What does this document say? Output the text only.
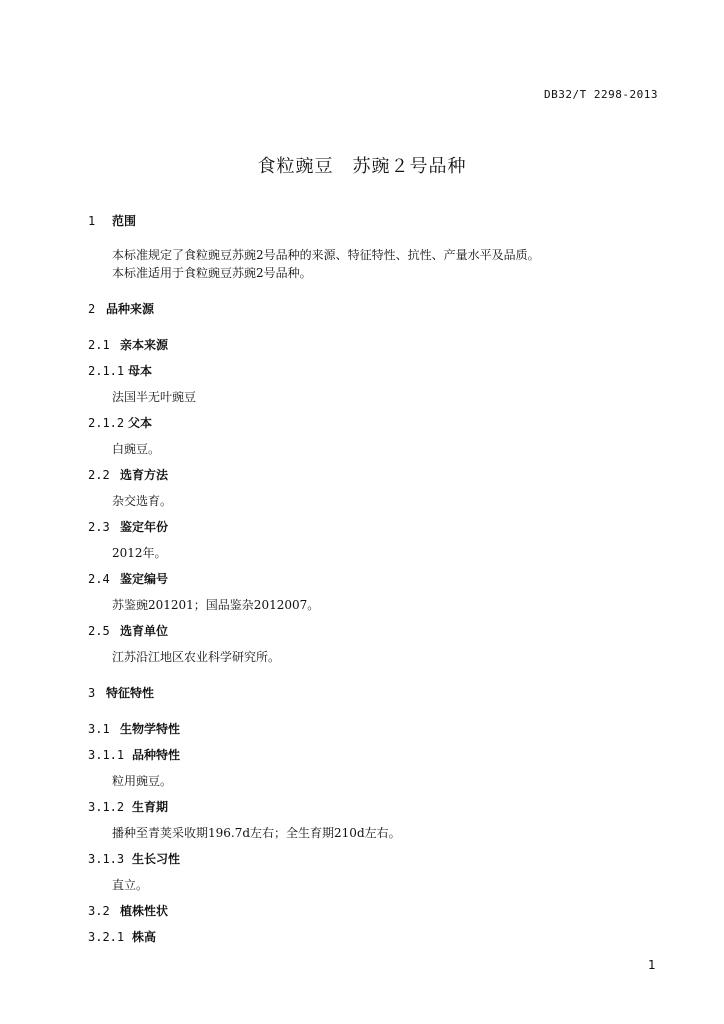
DB32/T 2298-2013
食粒豌豆　苏豌２号品种
1 范围
本标准规定了食粒豌豆苏豌2号品种的来源、特征特性、抗性、产量水平及品质。
本标准适用于食粒豌豆苏豌2号品种。
2 品种来源
2.1 亲本来源
2.1.1 母本
法国半无叶豌豆
2.1.2 父本
白豌豆。
2.2 选育方法
杂交选育。
2.3 鉴定年份
2012年。
2.4 鉴定编号
苏鉴豌201201；国品鉴杂2012007。
2.5 选育单位
江苏沿江地区农业科学研究所。
3 特征特性
3.1 生物学特性
3.1.1 品种特性
粒用豌豆。
3.1.2 生育期
播种至青荚采收期196.7d左右；全生育期210d左右。
3.1.3 生长习性
直立。
3.2 植株性状
3.2.1 株高
1
